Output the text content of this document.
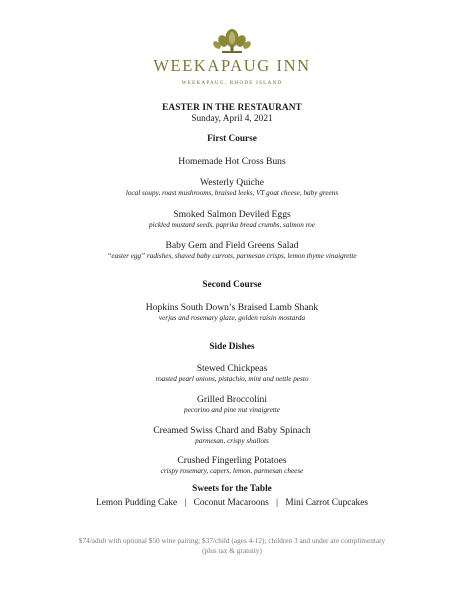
WEEKAPAUG INN
WEEKAPAUG, RHODE ISLAND
EASTER IN THE RESTAURANT
Sunday, April 4, 2021
First Course
Homemade Hot Cross Buns
Westerly Quiche
local soupy, roast mushrooms, braised leeks, VT goat cheese, baby greens
Smoked Salmon Deviled Eggs
pickled mustard seeds, paprika bread crumbs, salmon roe
Baby Gem and Field Greens Salad
“easter egg” radishes, shaved baby carrots, parmesan crisps, lemon thyme vinaigrette
Second Course
Hopkins South Down’s Braised Lamb Shank
verjus and rosemary glaze, golden raisin mostarda
Side Dishes
Stewed Chickpeas
roasted pearl onions, pistachio, mint and nettle pesto
Grilled Broccolini
pecorino and pine nut vinaigrette
Creamed Swiss Chard and Baby Spinach
parmesan, crispy shallots
Crushed Fingerling Potatoes
crispy rosemary, capers, lemon, parmesan cheese
Sweets for the Table
Lemon Pudding Cake | Coconut Macaroons | Mini Carrot Cupcakes
$74/adult with optional $50 wine pairing; $37/child (ages 4-12); children 3 and under are complimentary
(plus tax & gratuity)
